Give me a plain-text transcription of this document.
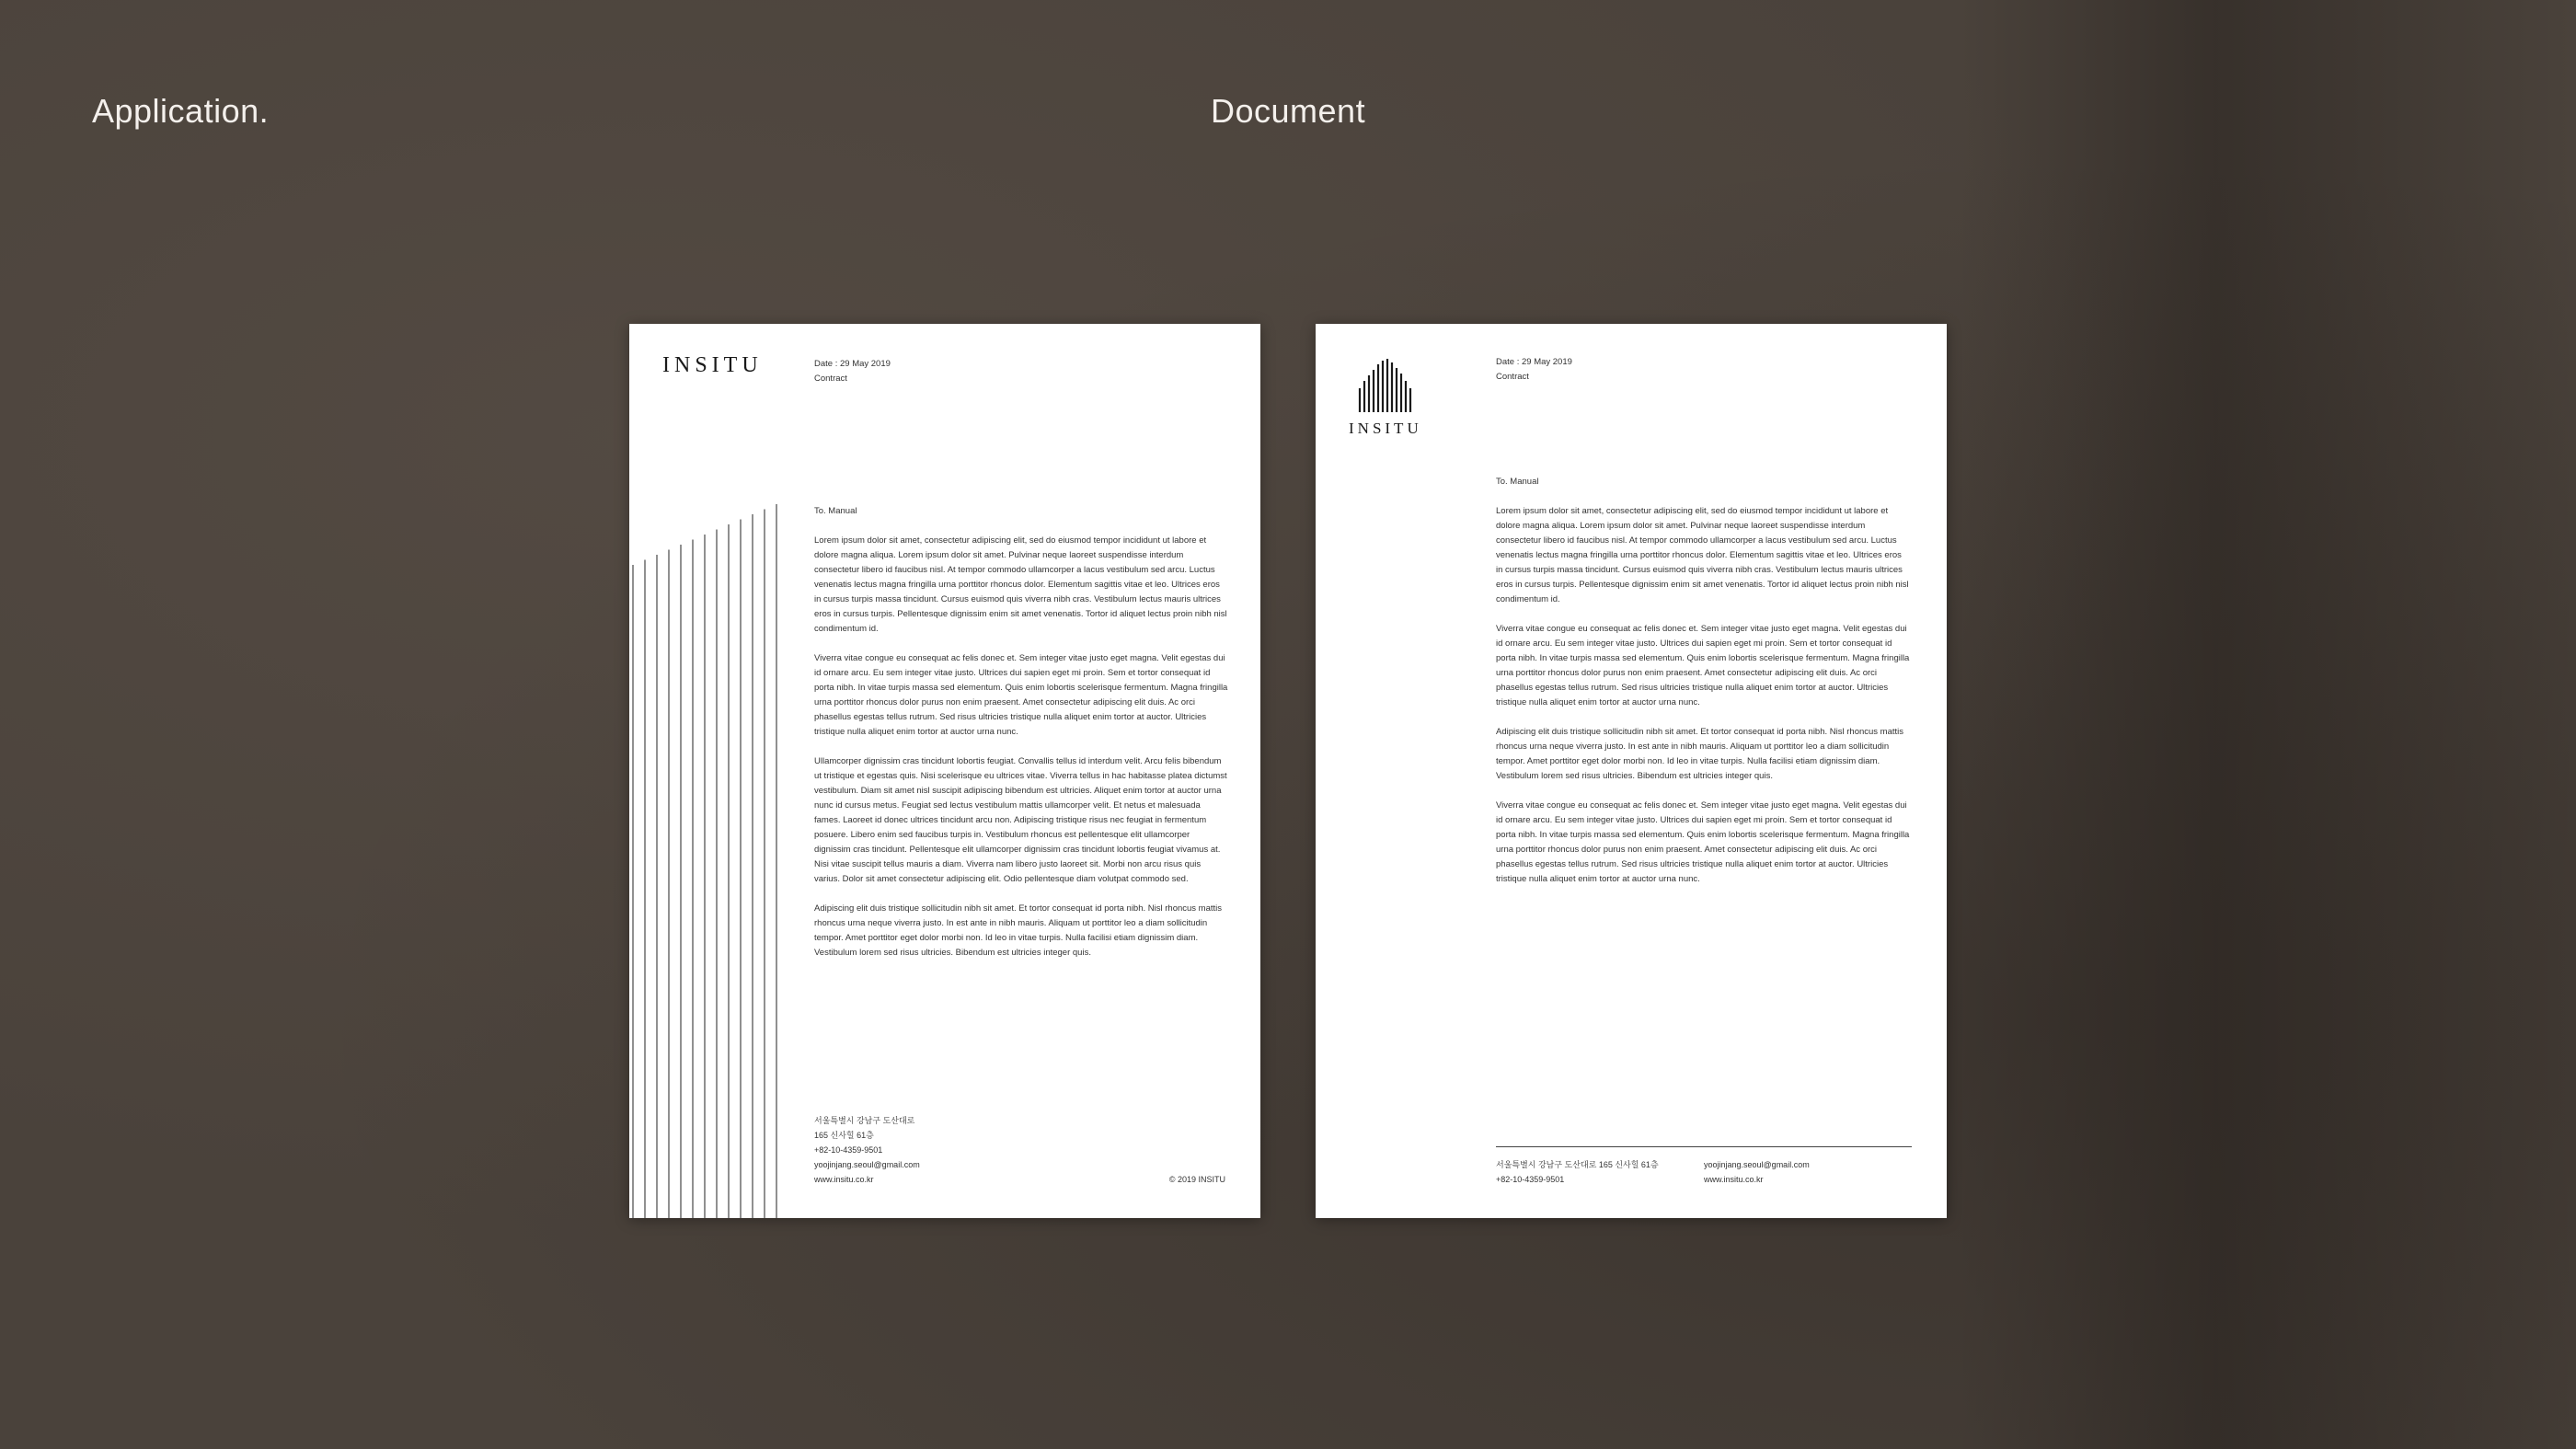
Application.	Document
INSITU	Date : 29 May 2019
Contract
To. Manual

Lorem ipsum dolor sit amet, consectetur adipiscing elit, sed do eiusmod tempor incididunt ut labore et dolore magna aliqua. Lorem ipsum dolor sit amet. Pulvinar neque laoreet suspendisse interdum consectetur libero id faucibus nisl. At tempor commodo ullamcorper a lacus vestibulum sed arcu. Luctus venenatis lectus magna fringilla urna porttitor rhoncus dolor. Elementum sagittis vitae et leo. Ultrices eros in cursus turpis massa tincidunt. Cursus euismod quis viverra nibh cras. Vestibulum lectus mauris ultrices eros in cursus turpis. Pellentesque dignissim enim sit amet venenatis. Tortor id aliquet lectus proin nibh nisl condimentum id.

Viverra vitae congue eu consequat ac felis donec et. Sem integer vitae justo eget magna. Velit egestas dui id ornare arcu. Eu sem integer vitae justo. Ultrices dui sapien eget mi proin. Sem et tortor consequat id porta nibh. In vitae turpis massa sed elementum. Quis enim lobortis scelerisque fermentum. Magna fringilla urna porttitor rhoncus dolor purus non enim praesent. Amet consectetur adipiscing elit duis. Ac orci phasellus egestas tellus rutrum. Sed risus ultricies tristique nulla aliquet enim tortor at auctor. Ultricies tristique nulla aliquet enim tortor at auctor urna nunc.

Ullamcorper dignissim cras tincidunt lobortis feugiat. Convallis tellus id interdum velit. Arcu felis bibendum ut tristique et egestas quis. Nisi scelerisque eu ultrices vitae. Viverra tellus in hac habitasse platea dictumst vestibulum. Diam sit amet nisl suscipit adipiscing bibendum est ultricies. Aliquet enim tortor at auctor urna nunc id cursus metus. Feugiat sed lectus vestibulum mattis ullamcorper velit. Et netus et malesuada fames. Laoreet id donec ultrices tincidunt arcu non. Adipiscing tristique risus nec feugiat in fermentum posuere. Libero enim sed faucibus turpis in. Vestibulum rhoncus est pellentesque elit ullamcorper dignissim cras tincidunt. Pellentesque elit ullamcorper dignissim cras tincidunt lobortis feugiat vivamus at. Nisi vitae suscipit tellus mauris a diam. Viverra nam libero justo laoreet sit. Morbi non arcu risus quis varius. Dolor sit amet consectetur adipiscing elit. Odio pellentesque diam volutpat commodo sed.

Adipiscing elit duis tristique sollicitudin nibh sit amet. Et tortor consequat id porta nibh. Nisl rhoncus mattis rhoncus urna neque viverra justo. In est ante in nibh mauris. Aliquam ut porttitor leo a diam sollicitudin tempor. Amet porttitor eget dolor morbi non. Id leo in vitae turpis. Nulla facilisi etiam dignissim diam. Vestibulum lorem sed risus ultricies. Bibendum est ultricies integer quis.

서울특별시 강남구 도산대로
165 신사힐 61층
+82-10-4359-9501
yoojinjang.seoul@gmail.com
www.insitu.co.kr	© 2019 INSITU
INSITU
Date : 29 May 2019
Contract
To. Manual

Lorem ipsum dolor sit amet, consectetur adipiscing elit, sed do eiusmod tempor incididunt ut labore et dolore magna aliqua. Lorem ipsum dolor sit amet. Pulvinar neque laoreet suspendisse interdum consectetur libero id faucibus nisl. At tempor commodo ullamcorper a lacus vestibulum sed arcu. Luctus venenatis lectus magna fringilla urna porttitor rhoncus dolor. Elementum sagittis vitae et leo. Ultrices eros in cursus turpis massa tincidunt. Cursus euismod quis viverra nibh cras. Vestibulum lectus mauris ultrices eros in cursus turpis. Pellentesque dignissim enim sit amet venenatis. Tortor id aliquet lectus proin nibh nisl condimentum id.

Viverra vitae congue eu consequat ac felis donec et. Sem integer vitae justo eget magna. Velit egestas dui id ornare arcu. Eu sem integer vitae justo. Ultrices dui sapien eget mi proin. Sem et tortor consequat id porta nibh. In vitae turpis massa sed elementum. Quis enim lobortis scelerisque fermentum. Magna fringilla urna porttitor rhoncus dolor purus non enim praesent. Amet consectetur adipiscing elit duis. Ac orci phasellus egestas tellus rutrum. Sed risus ultricies tristique nulla aliquet enim tortor at auctor. Ultricies tristique nulla aliquet enim tortor at auctor urna nunc.

Adipiscing elit duis tristique sollicitudin nibh sit amet. Et tortor consequat id porta nibh. Nisl rhoncus mattis rhoncus urna neque viverra justo. In est ante in nibh mauris. Aliquam ut porttitor leo a diam sollicitudin tempor. Amet porttitor eget dolor morbi non. Id leo in vitae turpis. Nulla facilisi etiam dignissim diam. Vestibulum lorem sed risus ultricies. Bibendum est ultricies integer quis.

Viverra vitae congue eu consequat ac felis donec et. Sem integer vitae justo eget magna. Velit egestas dui id ornare arcu. Eu sem integer vitae justo. Ultrices dui sapien eget mi proin. Sem et tortor consequat id porta nibh. In vitae turpis massa sed elementum. Quis enim lobortis scelerisque fermentum. Magna fringilla urna porttitor rhoncus dolor purus non enim praesent. Amet consectetur adipiscing elit duis. Ac orci phasellus egestas tellus rutrum. Sed risus ultricies tristique nulla aliquet enim tortor at auctor. Ultricies tristique nulla aliquet enim tortor at auctor urna nunc.

서울특별시 강남구 도산대로 165 신사힐 61층
+82-10-4359-9501
yoojinjang.seoul@gmail.com
www.insitu.co.kr
